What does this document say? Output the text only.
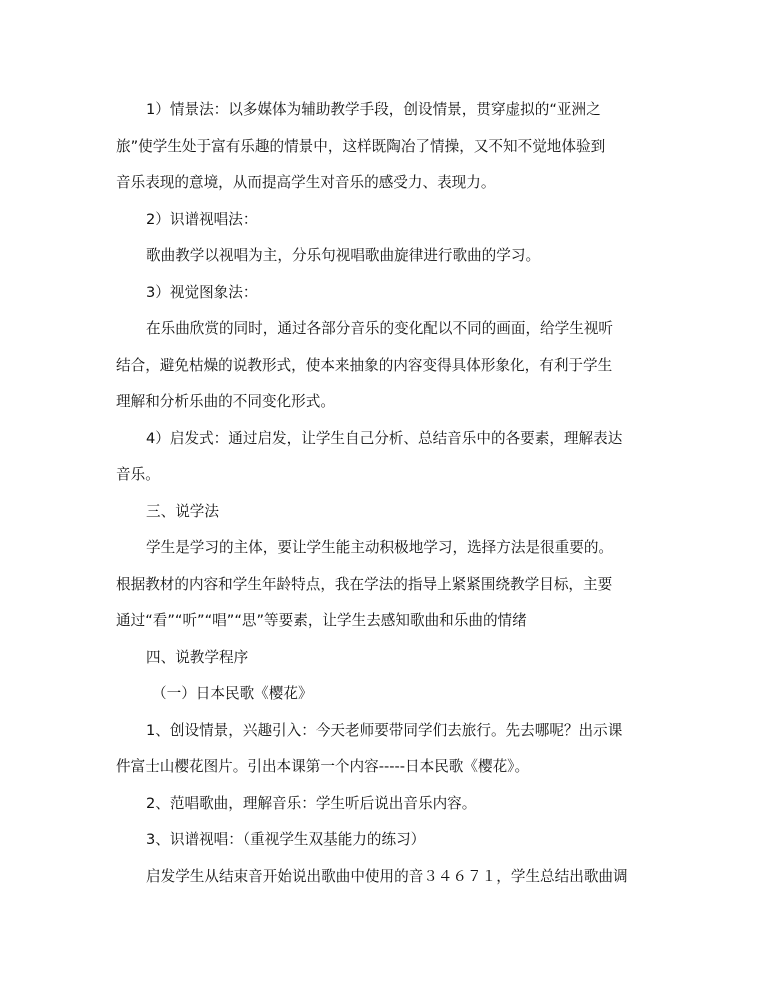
1）情景法：以多媒体为辅助教学手段，创设情景，贯穿虚拟的“亚洲之
旅”使学生处于富有乐趣的情景中，这样既陶冶了情操，又不知不觉地体验到
音乐表现的意境，从而提高学生对音乐的感受力、表现力。
2）识谱视唱法：
歌曲教学以视唱为主，分乐句视唱歌曲旋律进行歌曲的学习。
3）视觉图象法：
在乐曲欣赏的同时，通过各部分音乐的变化配以不同的画面，给学生视听
结合，避免枯燥的说教形式，使本来抽象的内容变得具体形象化，有利于学生
理解和分析乐曲的不同变化形式。
4）启发式：通过启发，让学生自己分析、总结音乐中的各要素，理解表达
音乐。
三、说学法
学生是学习的主体，要让学生能主动积极地学习，选择方法是很重要的。
根据教材的内容和学生年龄特点，我在学法的指导上紧紧围绕教学目标，主要
通过“看”“听”“唱”“思”等要素，让学生去感知歌曲和乐曲的情绪
四、说教学程序
（一）日本民歌《樱花》
1、创设情景，兴趣引入：今天老师要带同学们去旅行。先去哪呢？出示课
件富士山樱花图片。引出本课第一个内容-----日本民歌《樱花》。
2、范唱歌曲，理解音乐：学生听后说出音乐内容。
3、识谱视唱：（重视学生双基能力的练习）
启发学生从结束音开始说出歌曲中使用的音３４６７１，学生总结出歌曲调
